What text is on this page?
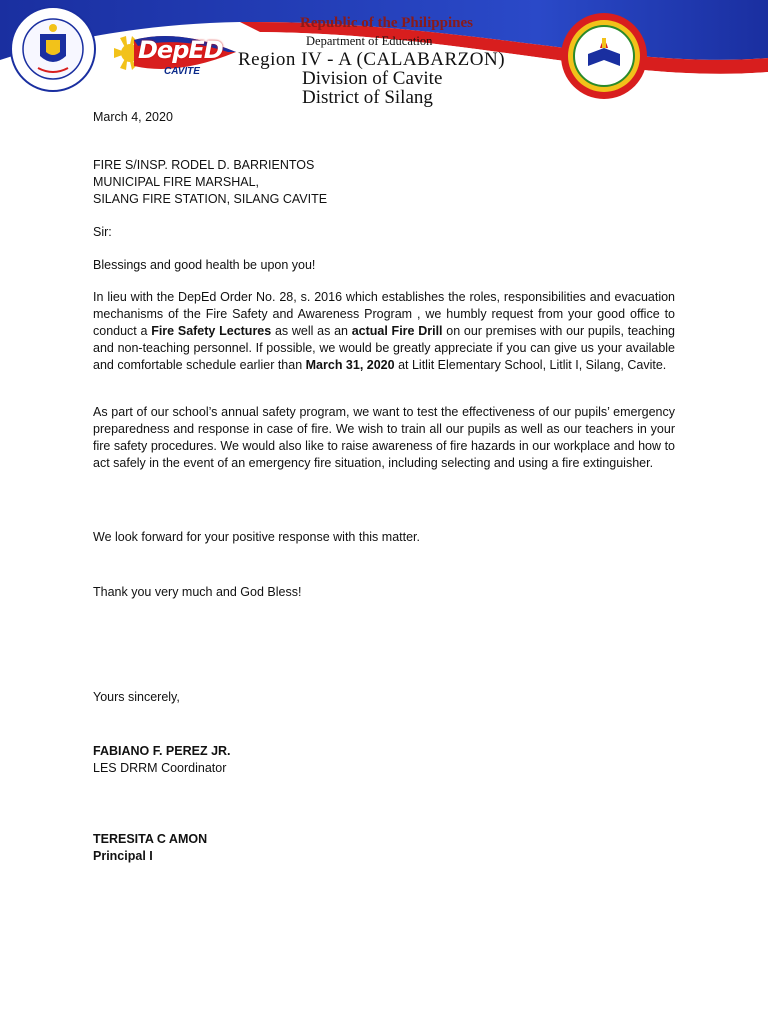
DepED
CAVITE
Republic of the Philippines
Department of Education
Region IV - A (CALABARZON)
Division of Cavite
District of Silang
March 4, 2020

FIRE S/INSP. RODEL D. BARRIENTOS

MUNICIPAL FIRE MARSHAL,

SILANG FIRE STATION, SILANG CAVITE

Sir:
Blessings and good health be upon you!
In lieu with the DepEd Order No. 28, s. 2016 which establishes the roles, responsibilities and evacuation mechanisms of the Fire Safety and Awareness Program , we humbly request from your good office to conduct a Fire Safety Lectures as well as an actual Fire Drill on our premises with our pupils, teaching and non-teaching personnel. If possible, we would be greatly appreciate if you can give us your available and comfortable schedule earlier than March 31, 2020 at Litlit Elementary School, Litlit I, Silang, Cavite.
As part of our school’s annual safety program, we want to test the effectiveness of our pupils’ emergency preparedness and response in case of fire. We wish to train all our pupils as well as our teachers in your fire safety procedures. We would also like to raise awareness of fire hazards in our workplace and how to act safely in the event of an emergency fire situation, including selecting and using a fire extinguisher.
We look forward for your positive response with this matter.
Thank you very much and God Bless!
Yours sincerely,

FABIANO F. PEREZ JR.

LES DRRM Coordinator

TERESITA C AMON

Principal I
